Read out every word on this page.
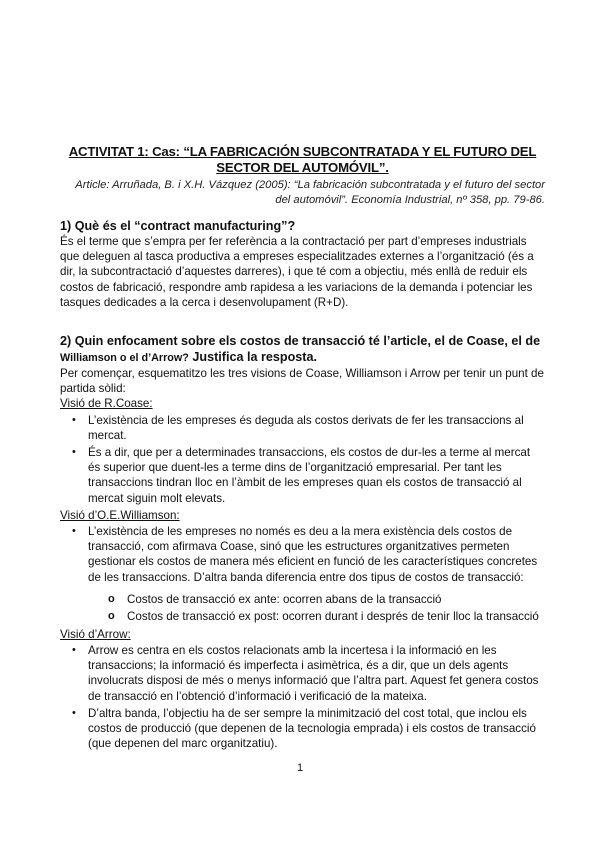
ACTIVITAT 1: Cas: “LA FABRICACIÓN SUBCONTRATADA Y EL FUTURO DEL SECTOR DEL AUTOMÓVIL”.
Article: Arruñada, B. i X.H. Vázquez (2005): “La fabricación subcontratada y el futuro del sector del automóvil”. Economía Industrial, nº 358, pp. 79-86.

1) Què és el “contract manufacturing”?

És el terme que s’empra per fer referència a la contractació per part d’empreses industrials que deleguen al tasca productiva a empreses especialitzades externes a l’organització (és a dir, la subcontractació d’aquestes darreres), i que té com a objectiu, més enllà de reduir els costos de fabricació, respondre amb rapidesa a les variacions de la demanda i potenciar les tasques dedicades a la cerca i desenvolupament (R+D).

2) Quin enfocament sobre els costos de transacció té l’article, el de Coase, el de Williamson o el d’Arrow? Justifica la resposta.

Per començar, esquematitzo les tres visions de Coase, Williamson i Arrow per tenir un punt de partida sòlid:

Visió de R.Coase:

• L’existència de les empreses és deguda als costos derivats de fer les transaccions al mercat.
• És a dir, que per a determinades transaccions, els costos de dur-les a terme al mercat és superior que duent-les a terme dins de l’organització empresarial. Per tant les transaccions tindran lloc en l’àmbit de les empreses quan els costos de transacció al mercat siguin molt elevats.

Visió d’O.E.Williamson:

• L’existència de les empreses no només es deu a la mera existència dels costos de transacció, com afirmava Coase, sinó que les estructures organitzatives permeten gestionar els costos de manera més eficient en funció de les característiques concretes de les transaccions. D’altra banda diferencia entre dos tipus de costos de transacció:
o Costos de transacció ex ante: ocorren abans de la transacció
o Costos de transacció ex post: ocorren durant i després de tenir lloc la transacció

Visió d’Arrow:

• Arrow es centra en els costos relacionats amb la incertesa i la informació en les transaccions; la informació és imperfecta i asimètrica, és a dir, que un dels agents involucrats disposi de més o menys informació que l’altra part. Aquest fet genera costos de transacció en l’obtenció d’informació i verificació de la mateixa.
• D’altra banda, l’objectiu ha de ser sempre la minimització del cost total, que inclou els costos de producció (que depenen de la tecnologia emprada) i els costos de transacció (que depenen del marc organitzatiu).
1
